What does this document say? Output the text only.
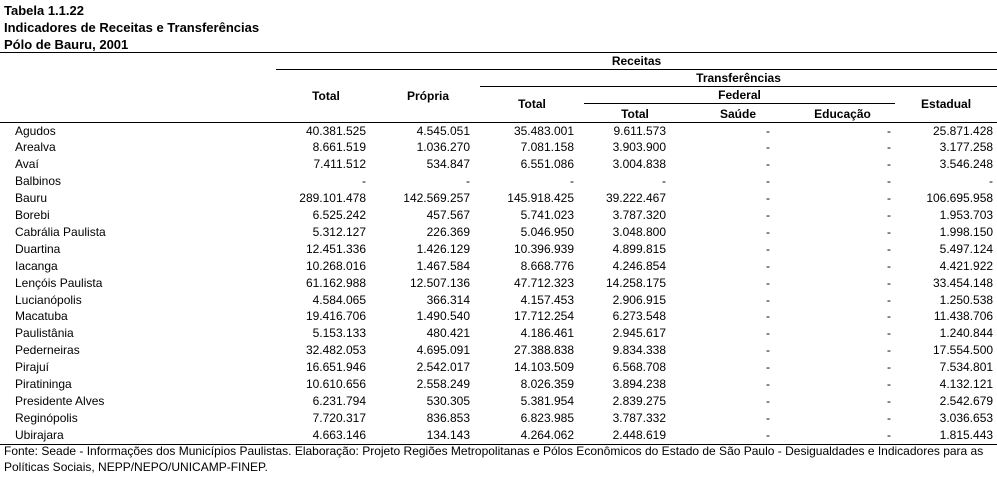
Tabela 1.1.22
Indicadores de Receitas e Transferências
Pólo de Bauru, 2001
	Receitas						
	Total	Própria	Transferências				
			Total	Federal			Estadual

				Total	Saúde	Educação	

Agudos	40.381.525	4.545.051	35.483.001	9.611.573	-	-	25.871.428
Arealva	8.661.519	1.036.270	7.081.158	3.903.900	-	-	3.177.258
Avaí	7.411.512	534.847	6.551.086	3.004.838	-	-	3.546.248
Balbinos	-	-	-	-	-	-	-
Bauru	289.101.478	142.569.257	145.918.425	39.222.467	-	-	106.695.958
Borebi	6.525.242	457.567	5.741.023	3.787.320	-	-	1.953.703
Cabrália Paulista	5.312.127	226.369	5.046.950	3.048.800	-	-	1.998.150
Duartina	12.451.336	1.426.129	10.396.939	4.899.815	-	-	5.497.124
Iacanga	10.268.016	1.467.584	8.668.776	4.246.854	-	-	4.421.922
Lençóis Paulista	61.162.988	12.507.136	47.712.323	14.258.175	-	-	33.454.148
Lucianópolis	4.584.065	366.314	4.157.453	2.906.915	-	-	1.250.538
Macatuba	19.416.706	1.490.540	17.712.254	6.273.548	-	-	11.438.706
Paulistânia	5.153.133	480.421	4.186.461	2.945.617	-	-	1.240.844
Pederneiras	32.482.053	4.695.091	27.388.838	9.834.338	-	-	17.554.500
Pirajuí	16.651.946	2.542.017	14.103.509	6.568.708	-	-	7.534.801
Piratininga	10.610.656	2.558.249	8.026.359	3.894.238	-	-	4.132.121
Presidente Alves	6.231.794	530.305	5.381.954	2.839.275	-	-	2.542.679
Reginópolis	7.720.317	836.853	6.823.985	3.787.332	-	-	3.036.653
Ubirajara	4.663.146	134.143	4.264.062	2.448.619	-	-	1.815.443
Fonte: Seade - Informações dos Municípios Paulistas. Elaboração: Projeto Regiões Metropolitanas e Pólos Econômicos do Estado de São Paulo - Desigualdades e Indicadores para as Políticas Sociais, NEPP/NEPO/UNICAMP-FINEP.
